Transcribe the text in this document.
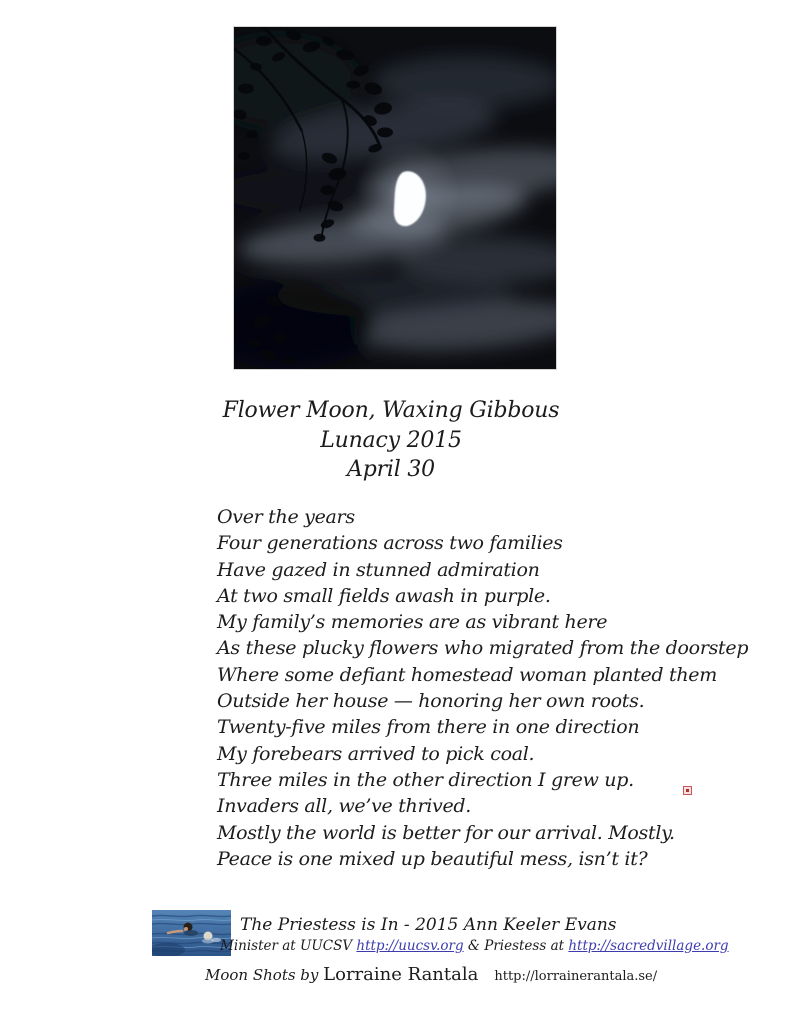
Flower Moon, Waxing Gibbous
Lunacy 2015
April 30
Over the years
Four generations across two families
Have gazed in stunned admiration
At two small fields awash in purple.
My family’s memories are as vibrant here
As these plucky flowers who migrated from the doorstep
Where some defiant homestead woman planted them
Outside her house — honoring her own roots.
Twenty-five miles from there in one direction
My forebears arrived to pick coal.
Three miles in the other direction I grew up.
Invaders all, we’ve thrived.
Mostly the world is better for our arrival. Mostly.
Peace is one mixed up beautiful mess, isn’t it?
The Priestess is In - 2015 Ann Keeler Evans
Minister at UUCSV http://uucsv.org & Priestess at http://sacredvillage.org
Moon Shots by Lorraine Rantala http://lorrainerantala.se/
